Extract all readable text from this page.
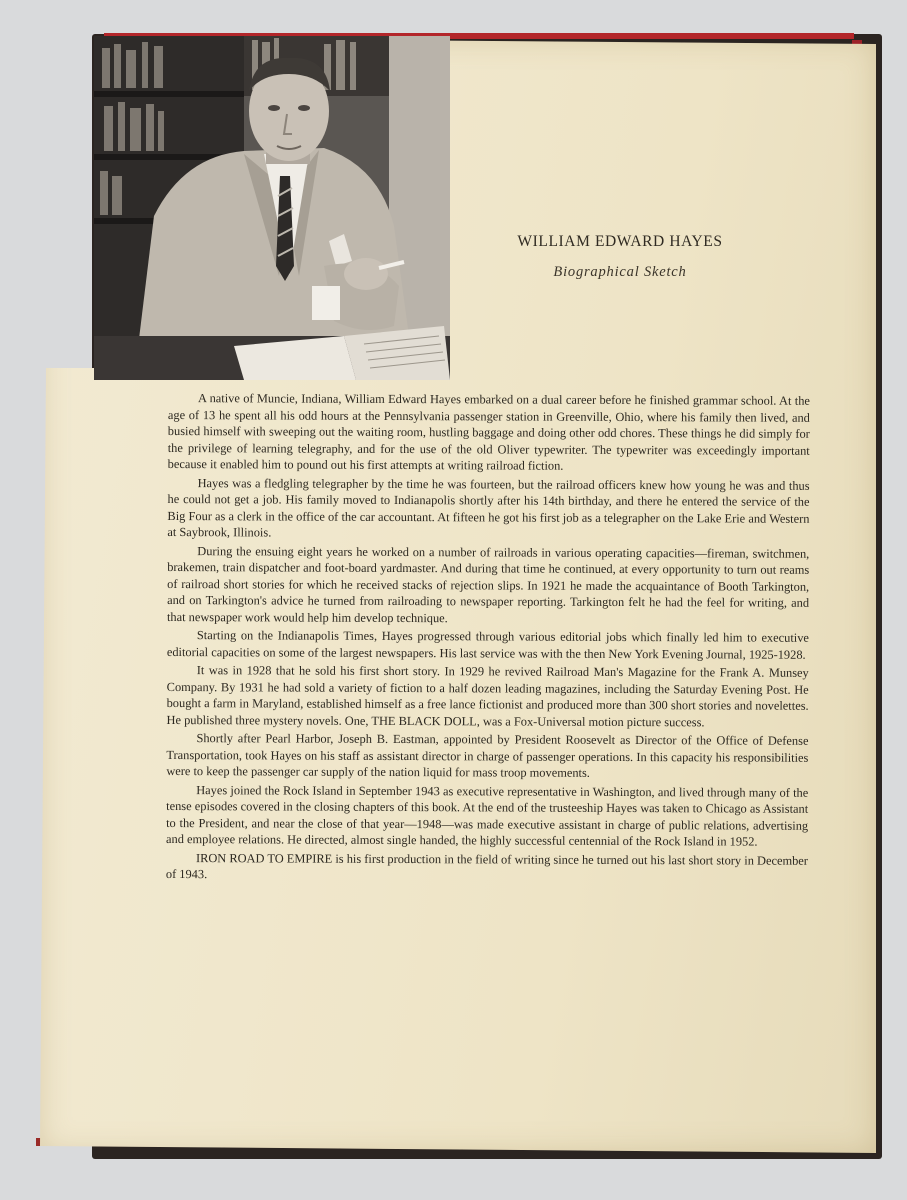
WILLIAM EDWARD HAYES
Biographical Sketch

A native of Muncie, Indiana, William Edward Hayes embarked on a dual career before he finished grammar school. At the age of 13 he spent all his odd hours at the Pennsylvania passenger station in Greenville, Ohio, where his family then lived, and busied himself with sweeping out the waiting room, hustling baggage and doing other odd chores. These things he did simply for the privilege of learning telegraphy, and for the use of the old Oliver typewriter. The typewriter was exceedingly important because it enabled him to pound out his first attempts at writing railroad fiction.

Hayes was a fledgling telegrapher by the time he was fourteen, but the railroad officers knew how young he was and thus he could not get a job. His family moved to Indianapolis shortly after his 14th birthday, and there he entered the service of the Big Four as a clerk in the office of the car accountant. At fifteen he got his first job as a telegrapher on the Lake Erie and Western at Saybrook, Illinois.

During the ensuing eight years he worked on a number of railroads in various operating capacities—fireman, switchmen, brakemen, train dispatcher and foot-board yardmaster. And during that time he continued, at every opportunity to turn out reams of railroad short stories for which he received stacks of rejection slips. In 1921 he made the acquaintance of Booth Tarkington, and on Tarkington's advice he turned from railroading to newspaper reporting. Tarkington felt he had the feel for writing, and that newspaper work would help him develop technique.

Starting on the Indianapolis Times, Hayes progressed through various editorial jobs which finally led him to executive editorial capacities on some of the largest newspapers. His last service was with the then New York Evening Journal, 1925-1928.

It was in 1928 that he sold his first short story. In 1929 he revived Railroad Man's Magazine for the Frank A. Munsey Company. By 1931 he had sold a variety of fiction to a half dozen leading magazines, including the Saturday Evening Post. He bought a farm in Maryland, established himself as a free lance fictionist and produced more than 300 short stories and novelettes. He published three mystery novels. One, THE BLACK DOLL, was a Fox-Universal motion picture success.

Shortly after Pearl Harbor, Joseph B. Eastman, appointed by President Roosevelt as Director of the Office of Defense Transportation, took Hayes on his staff as assistant director in charge of passenger operations. In this capacity his responsibilities were to keep the passenger car supply of the nation liquid for mass troop movements.

Hayes joined the Rock Island in September 1943 as executive representative in Washington, and lived through many of the tense episodes covered in the closing chapters of this book. At the end of the trusteeship Hayes was taken to Chicago as Assistant to the President, and near the close of that year—1948—was made executive assistant in charge of public relations, advertising and employee relations. He directed, almost single handed, the highly successful centennial of the Rock Island in 1952.

IRON ROAD TO EMPIRE is his first production in the field of writing since he turned out his last short story in December of 1943.
